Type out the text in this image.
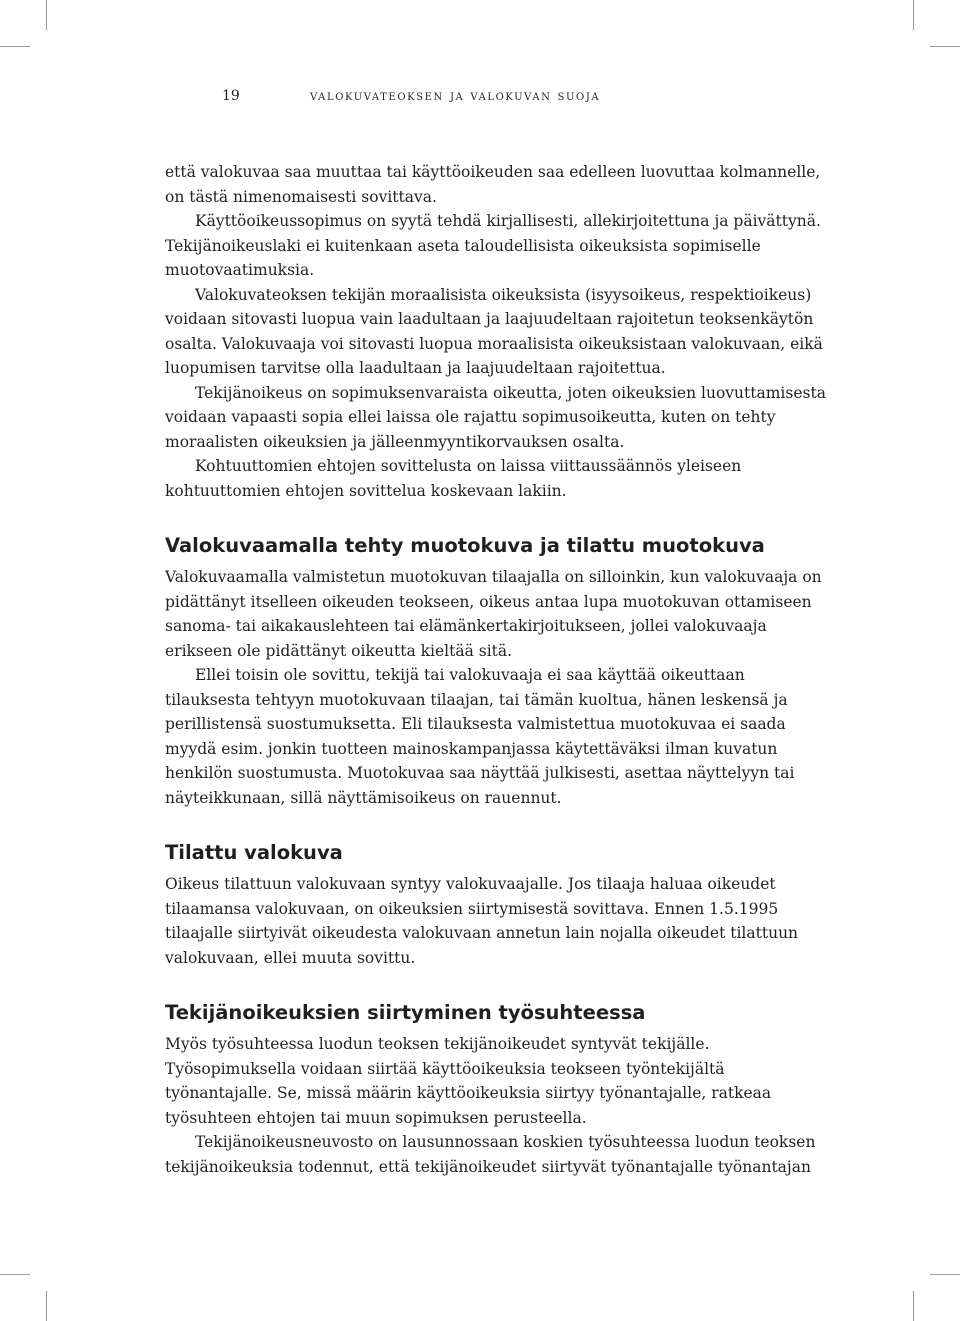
19	valokuvateoksen ja valokuvan suoja

että valokuvaa saa muuttaa tai käyttöoikeuden saa edelleen luovuttaa kolmannelle, on tästä nimenomaisesti sovittava.

Käyttöoikeussopimus on syytä tehdä kirjallisesti, allekirjoitettuna ja päivättynä. Tekijänoikeuslaki ei kuitenkaan aseta taloudellisista oikeuksista sopimiselle muotovaatimuksia.

Valokuvateoksen tekijän moraalisista oikeuksista (isyysoikeus, respektioikeus) voidaan sitovasti luopua vain laadultaan ja laajuudeltaan rajoitetun teoksenkäytön osalta. Valokuvaaja voi sitovasti luopua moraalisista oikeuksistaan valokuvaan, eikä luopumisen tarvitse olla laadultaan ja laajuudeltaan rajoitettua.

Tekijänoikeus on sopimuksenvaraista oikeutta, joten oikeuksien luovuttamisesta voidaan vapaasti sopia ellei laissa ole rajattu sopimusoikeutta, kuten on tehty moraalisten oikeuksien ja jälleenmyyntikorvauksen osalta.

Kohtuuttomien ehtojen sovittelusta on laissa viittaussäännös yleiseen kohtuuttomien ehtojen sovittelua koskevaan lakiin.

Valokuvaamalla tehty muotokuva ja tilattu muotokuva

Valokuvaamalla valmistetun muotokuvan tilaajalla on silloinkin, kun valokuvaaja on pidättänyt itselleen oikeuden teokseen, oikeus antaa lupa muotokuvan ottamiseen sanoma- tai aikakauslehteen tai elämänkertakirjoitukseen, jollei valokuvaaja erikseen ole pidättänyt oikeutta kieltää sitä.

Ellei toisin ole sovittu, tekijä tai valokuvaaja ei saa käyttää oikeuttaan tilauksesta tehtyyn muotokuvaan tilaajan, tai tämän kuoltua, hänen leskensä ja perillistensä suostumuksetta. Eli tilauksesta valmistettua muotokuvaa ei saada myydä esim. jonkin tuotteen mainoskampanjassa käytettäväksi ilman kuvatun henkilön suostumusta. Muotokuvaa saa näyttää julkisesti, asettaa näyttelyyn tai näyteikkunaan, sillä näyttämisoikeus on rauennut.

Tilattu valokuva

Oikeus tilattuun valokuvaan syntyy valokuvaajalle. Jos tilaaja haluaa oikeudet tilaamansa valokuvaan, on oikeuksien siirtymisestä sovittava. Ennen 1.5.1995 tilaajalle siirtyivät oikeudesta valokuvaan annetun lain nojalla oikeudet tilattuun valokuvaan, ellei muuta sovittu.

Tekijänoikeuksien siirtyminen työsuhteessa

Myös työsuhteessa luodun teoksen tekijänoikeudet syntyvät tekijälle. Työsopimuksella voidaan siirtää käyttöoikeuksia teokseen työntekijältä työnantajalle. Se, missä määrin käyttöoikeuksia siirtyy työnantajalle, ratkeaa työsuhteen ehtojen tai muun sopimuksen perusteella.

Tekijänoikeusneuvosto on lausunnossaan koskien työsuhteessa luodun teoksen tekijänoikeuksia todennut, että tekijänoikeudet siirtyvät työnantajalle työnantajan
